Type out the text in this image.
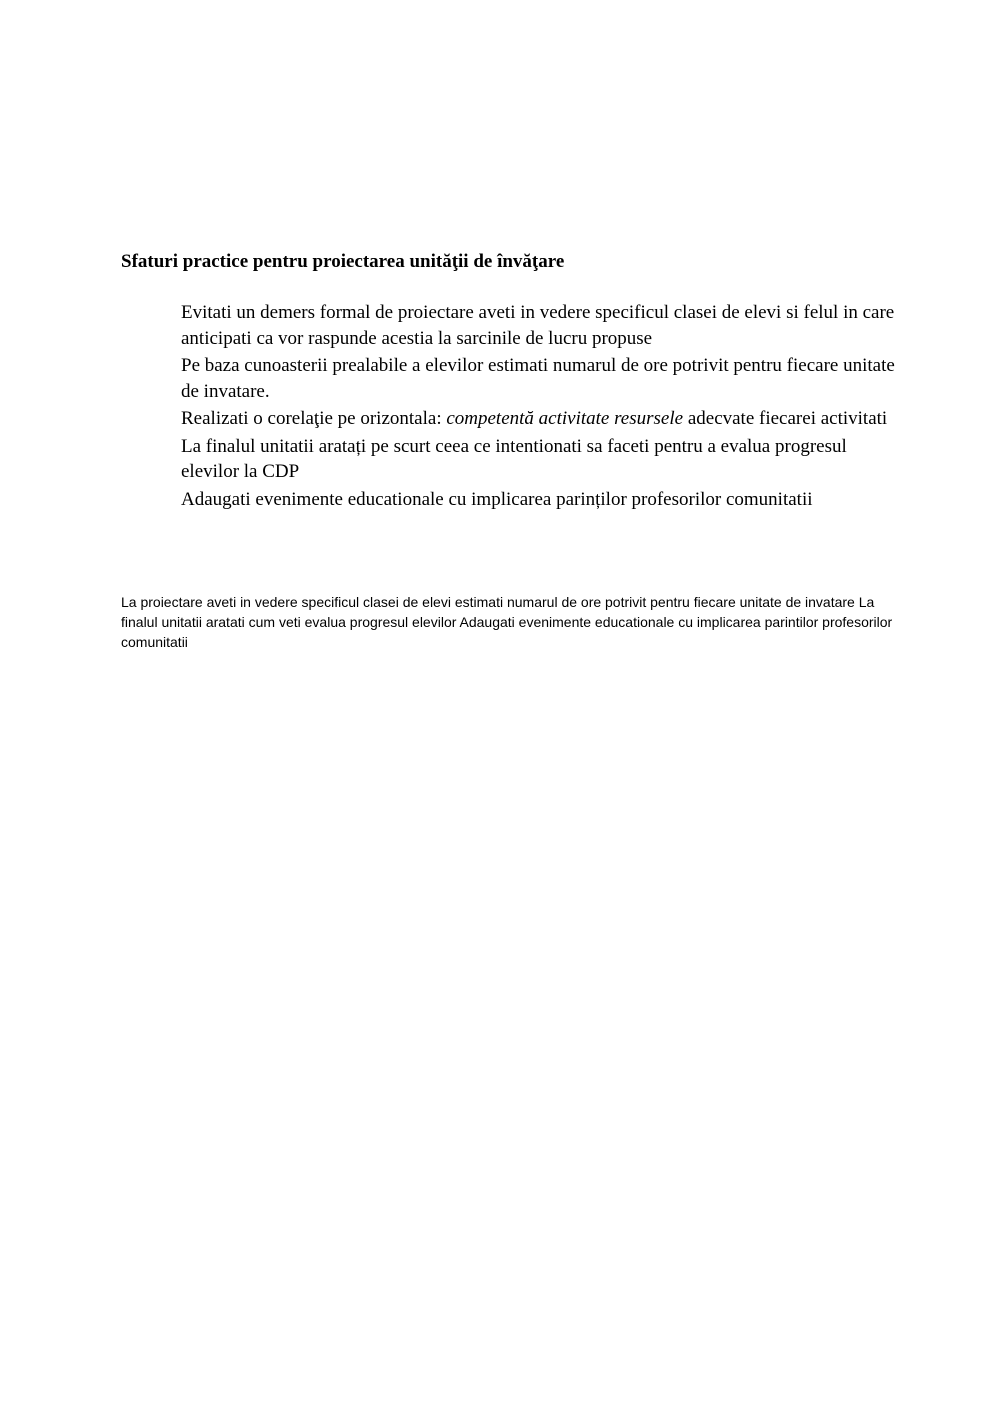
Sfaturi practice pentru proiectarea unităţii de învăţare
Evitati un demers formal de proiectare aveti in vedere specificul clasei de elevi si felul in care anticipati ca vor raspunde acestia la sarcinile de lucru propuse
Pe baza cunoasterii prealabile a elevilor estimati numarul de ore potrivit pentru fiecare unitate de invatare.
Realizati o corelaţie pe orizontala: competentă activitate resursele adecvate fiecarei activitati
La finalul unitatii aratați pe scurt ceea ce intentionati sa faceti pentru a evalua progresul elevilor la CDP
Adaugati evenimente educationale cu implicarea parinților profesorilor comunitatii

La proiectare aveti in vedere specificul clasei de elevi estimati numarul de ore potrivit pentru fiecare unitate de invatare La finalul unitatii aratati cum veti evalua progresul elevilor Adaugati evenimente educationale cu implicarea parintilor profesorilor comunitatii
